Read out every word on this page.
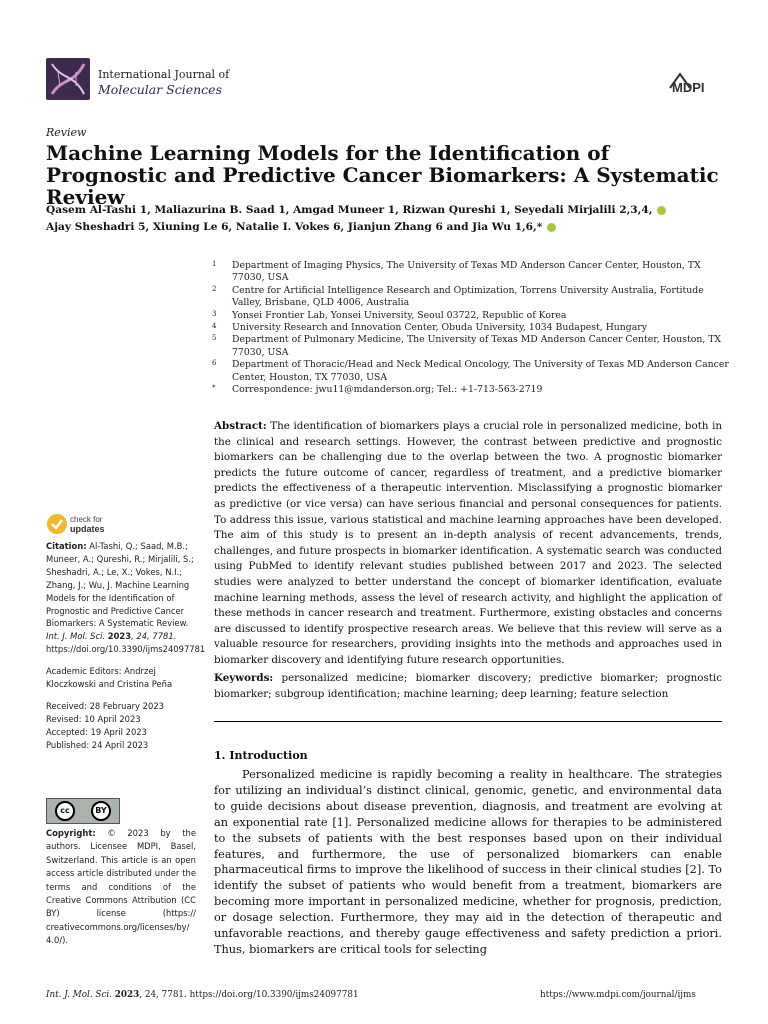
International Journal of
Molecular Sciences	MDPI
Review
Machine Learning Models for the Identification of Prognostic and Predictive Cancer Biomarkers: A Systematic Review
Qasem Al-Tashi 1, Maliazurina B. Saad 1, Amgad Muneer 1, Rizwan Qureshi 1, Seyedali Mirjalili 2,3,4,
Ajay Sheshadri 5, Xiuning Le 6, Natalie I. Vokes 6, Jianjun Zhang 6 and Jia Wu 1,6,*
1 Department of Imaging Physics, The University of Texas MD Anderson Cancer Center, Houston, TX 77030, USA
2 Centre for Artificial Intelligence Research and Optimization, Torrens University Australia, Fortitude Valley, Brisbane, QLD 4006, Australia
3 Yonsei Frontier Lab, Yonsei University, Seoul 03722, Republic of Korea
4 University Research and Innovation Center, Obuda University, 1034 Budapest, Hungary
5 Department of Pulmonary Medicine, The University of Texas MD Anderson Cancer Center, Houston, TX 77030, USA
6 Department of Thoracic/Head and Neck Medical Oncology, The University of Texas MD Anderson Cancer Center, Houston, TX 77030, USA
* Correspondence: jwu11@mdanderson.org; Tel.: +1-713-563-2719
Abstract: The identification of biomarkers plays a crucial role in personalized medicine, both in the clinical and research settings. However, the contrast between predictive and prognostic biomarkers can be challenging due to the overlap between the two. A prognostic biomarker predicts the future outcome of cancer, regardless of treatment, and a predictive biomarker predicts the effectiveness of a therapeutic intervention. Misclassifying a prognostic biomarker as predictive (or vice versa) can have serious financial and personal consequences for patients. To address this issue, various statistical and machine learning approaches have been developed. The aim of this study is to present an in-depth analysis of recent advancements, trends, challenges, and future prospects in biomarker identification. A systematic search was conducted using PubMed to identify relevant studies published between 2017 and 2023. The selected studies were analyzed to better understand the concept of biomarker identification, evaluate machine learning methods, assess the level of research activity, and highlight the application of these methods in cancer research and treatment. Furthermore, existing obstacles and concerns are discussed to identify prospective research areas. We believe that this review will serve as a valuable resource for researchers, providing insights into the methods and approaches used in biomarker discovery and identifying future research opportunities.
Keywords: personalized medicine; biomarker discovery; predictive biomarker; prognostic biomarker; subgroup identification; machine learning; deep learning; feature selection
check for
updates
Citation: Al-Tashi, Q.; Saad, M.B.; Muneer, A.; Qureshi, R.; Mirjalili, S.; Sheshadri, A.; Le, X.; Vokes, N.I.; Zhang, J.; Wu, J. Machine Learning Models for the Identification of Prognostic and Predictive Cancer Biomarkers: A Systematic Review. Int. J. Mol. Sci. 2023, 24, 7781. https://doi.org/10.3390/ijms24097781
Academic Editors: Andrzej Kloczkowski and Cristina Peña
Received: 28 February 2023
Revised: 10 April 2023
Accepted: 19 April 2023
Published: 24 April 2023
cc	BY
Copyright: © 2023 by the authors. Licensee MDPI, Basel, Switzerland. This article is an open access article distributed under the terms and conditions of the Creative Commons Attribution (CC BY) license (https:// creativecommons.org/licenses/by/ 4.0/).
1. Introduction
Personalized medicine is rapidly becoming a reality in healthcare. The strategies for utilizing an individual’s distinct clinical, genomic, genetic, and environmental data to guide decisions about disease prevention, diagnosis, and treatment are evolving at an exponential rate [1]. Personalized medicine allows for therapies to be administered to the subsets of patients with the best responses based upon on their individual features, and furthermore, the use of personalized biomarkers can enable pharmaceutical firms to improve the likelihood of success in their clinical studies [2]. To identify the subset of patients who would benefit from a treatment, biomarkers are becoming more important in personalized medicine, whether for prognosis, prediction, or dosage selection. Furthermore, they may aid in the detection of therapeutic and unfavorable reactions, and thereby gauge effectiveness and safety prediction a priori. Thus, biomarkers are critical tools for selecting
Int. J. Mol. Sci. 2023, 24, 7781. https://doi.org/10.3390/ijms24097781	https://www.mdpi.com/journal/ijms
